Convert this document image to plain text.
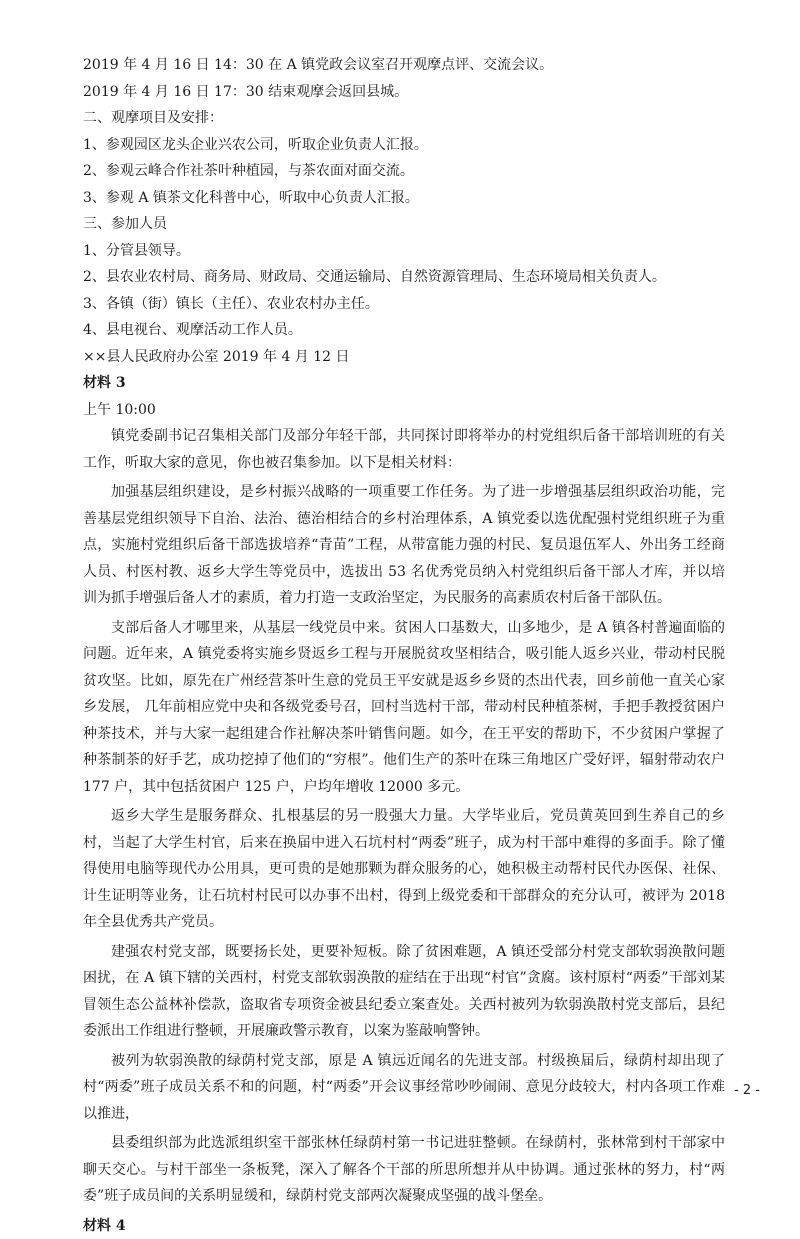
2019 年 4 月 16 日 14：30 在 A 镇党政会议室召开观摩点评、交流会议。
2019 年 4 月 16 日 17：30 结束观摩会返回县城。
二、观摩项目及安排：
1、参观园区龙头企业兴农公司，听取企业负责人汇报。
2、参观云峰合作社茶叶种植园，与茶农面对面交流。
3、参观 A 镇茶文化科普中心，听取中心负责人汇报。
三、参加人员
1、分管县领导。
2、县农业农村局、商务局、财政局、交通运输局、自然资源管理局、生态环境局相关负责人。
3、各镇（街）镇长（主任）、农业农村办主任。
4、县电视台、观摩活动工作人员。
××县人民政府办公室 2019 年 4 月 12 日
材料 3
上午 10:00

镇党委副书记召集相关部门及部分年轻干部，共同探讨即将举办的村党组织后备干部培训班的有关工作，听取大家的意见，你也被召集参加。以下是相关材料：

加强基层组织建设，是乡村振兴战略的一项重要工作任务。为了进一步增强基层组织政治功能，完善基层党组织领导下自治、法治、德治相结合的乡村治理体系，A 镇党委以选优配强村党组织班子为重点，实施村党组织后备干部选拔培养“青苗”工程，从带富能力强的村民、复员退伍军人、外出务工经商人员、村医村教、返乡大学生等党员中，选拔出 53 名优秀党员纳入村党组织后备干部人才库，并以培训为抓手增强后备人才的素质，着力打造一支政治坚定，为民服务的高素质农村后备干部队伍。

支部后备人才哪里来，从基层一线党员中来。贫困人口基数大，山多地少，是 A 镇各村普遍面临的问题。近年来，A 镇党委将实施乡贤返乡工程与开展脱贫攻坚相结合，吸引能人返乡兴业，带动村民脱贫攻坚。比如，原先在广州经营茶叶生意的党员王平安就是返乡乡贤的杰出代表，回乡前他一直关心家乡发展， 几年前相应党中央和各级党委号召，回村当选村干部，带动村民种植茶树，手把手教授贫困户种茶技术，并与大家一起组建合作社解决茶叶销售问题。如今，在王平安的帮助下，不少贫困户掌握了种茶制茶的好手艺，成功挖掉了他们的“穷根”。他们生产的茶叶在珠三角地区广受好评，辐射带动农户 177 户，其中包括贫困户 125 户，户均年增收 12000 多元。

返乡大学生是服务群众、扎根基层的另一股强大力量。大学毕业后，党员黄英回到生养自己的乡村，当起了大学生村官，后来在换届中进入石坑村村“两委”班子，成为村干部中难得的多面手。除了懂得使用电脑等现代办公用具，更可贵的是她那颗为群众服务的心，她积极主动帮村民代办医保、社保、计生证明等业务，让石坑村村民可以办事不出村，得到上级党委和干部群众的充分认可，被评为 2018 年全县优秀共产党员。

建强农村党支部，既要扬长处，更要补短板。除了贫困难题，A 镇还受部分村党支部软弱涣散问题困扰，在 A 镇下辖的关西村，村党支部软弱涣散的症结在于出现“村官”贪腐。该村原村“两委”干部刘某冒领生态公益林补偿款，盗取省专项资金被县纪委立案查处。关西村被列为软弱涣散村党支部后，县纪委派出工作组进行整顿，开展廉政警示教育，以案为鉴敲响警钟。

被列为软弱涣散的绿荫村党支部，原是 A 镇远近闻名的先进支部。村级换届后，绿荫村却出现了村“两委”班子成员关系不和的问题，村“两委”开会议事经常吵吵闹闹、意见分歧较大，村内各项工作难以推进，

县委组织部为此选派组织室干部张林任绿荫村第一书记进驻整顿。在绿荫村，张林常到村干部家中聊天交心。与村干部坐一条板凳，深入了解各个干部的所思所想并从中协调。通过张林的努力，村“两委”班子成员间的关系明显缓和，绿荫村党支部两次凝聚成坚强的战斗堡垒。

材料 4
- 2 -
